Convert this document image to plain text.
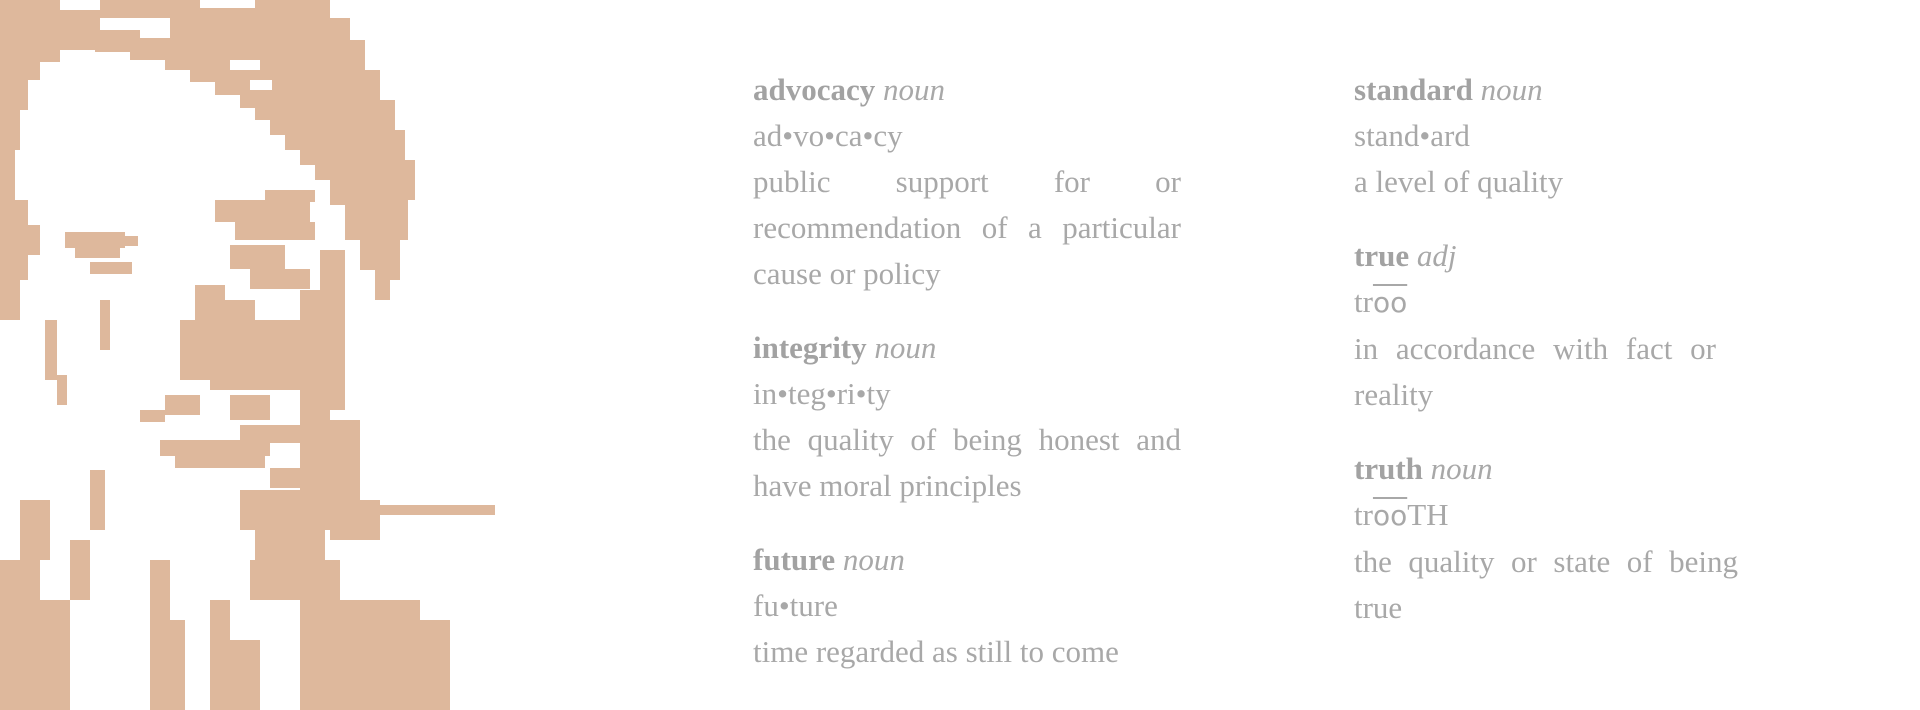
advocacy noun

ad•vo•ca•cy

public support for or recommendation of a particular cause or policy

integrity noun

in•teg•ri•ty

the quality of being honest and have moral principles

future noun

fu•ture

time regarded as still to come

standard noun

stand•ard

a level of quality

true adj

$tr\overline{oo}$

in accordance with fact or reality

truth noun

$tr\overline{oo}TH$

the quality or state of being true
